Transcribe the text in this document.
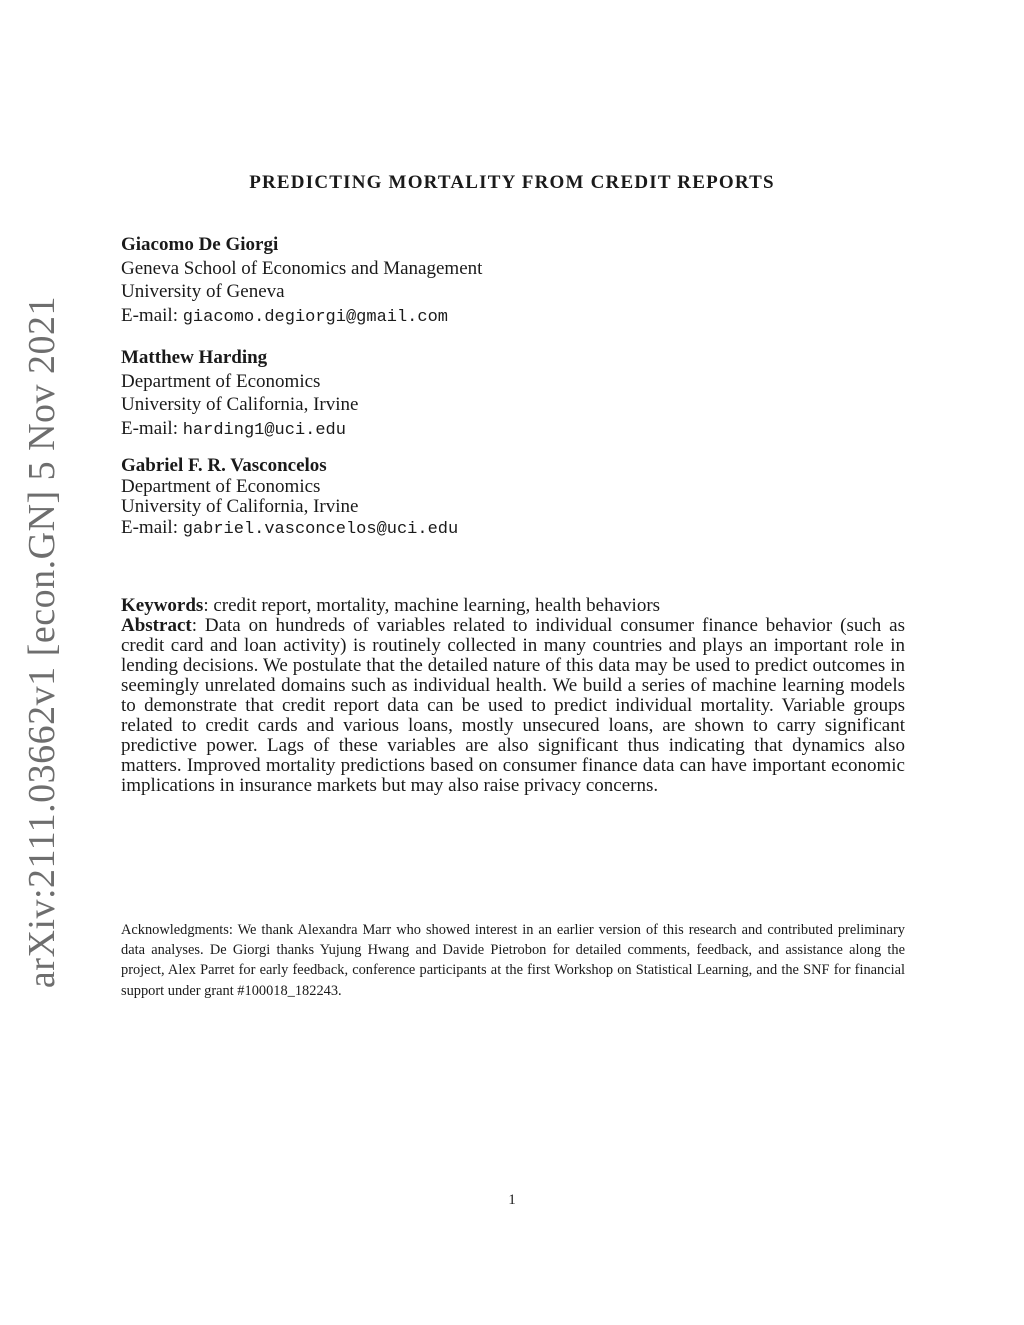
arXiv:2111.03662v1 [econ.GN] 5 Nov 2021
PREDICTING MORTALITY FROM CREDIT REPORTS
Giacomo De Giorgi
Geneva School of Economics and Management
University of Geneva
E-mail: giacomo.degiorgi@gmail.com
Matthew Harding
Department of Economics
University of California, Irvine
E-mail: harding1@uci.edu
Gabriel F. R. Vasconcelos
Department of Economics
University of California, Irvine
E-mail: gabriel.vasconcelos@uci.edu

Keywords: credit report, mortality, machine learning, health behaviors

Abstract: Data on hundreds of variables related to individual consumer finance behavior (such as credit card and loan activity) is routinely collected in many countries and plays an important role in lending decisions. We postulate that the detailed nature of this data may be used to predict outcomes in seemingly unrelated domains such as individual health. We build a series of machine learning models to demonstrate that credit report data can be used to predict individual mortality. Variable groups related to credit cards and various loans, mostly unsecured loans, are shown to carry significant predictive power. Lags of these variables are also significant thus indicating that dynamics also matters. Improved mortality predictions based on consumer finance data can have important economic implications in insurance markets but may also raise privacy concerns.

Acknowledgments: We thank Alexandra Marr who showed interest in an earlier version of this research and contributed preliminary data analyses. De Giorgi thanks Yujung Hwang and Davide Pietrobon for detailed comments, feedback, and assistance along the project, Alex Parret for early feedback, conference participants at the first Workshop on Statistical Learning, and the SNF for financial support under grant #100018_182243.
1
